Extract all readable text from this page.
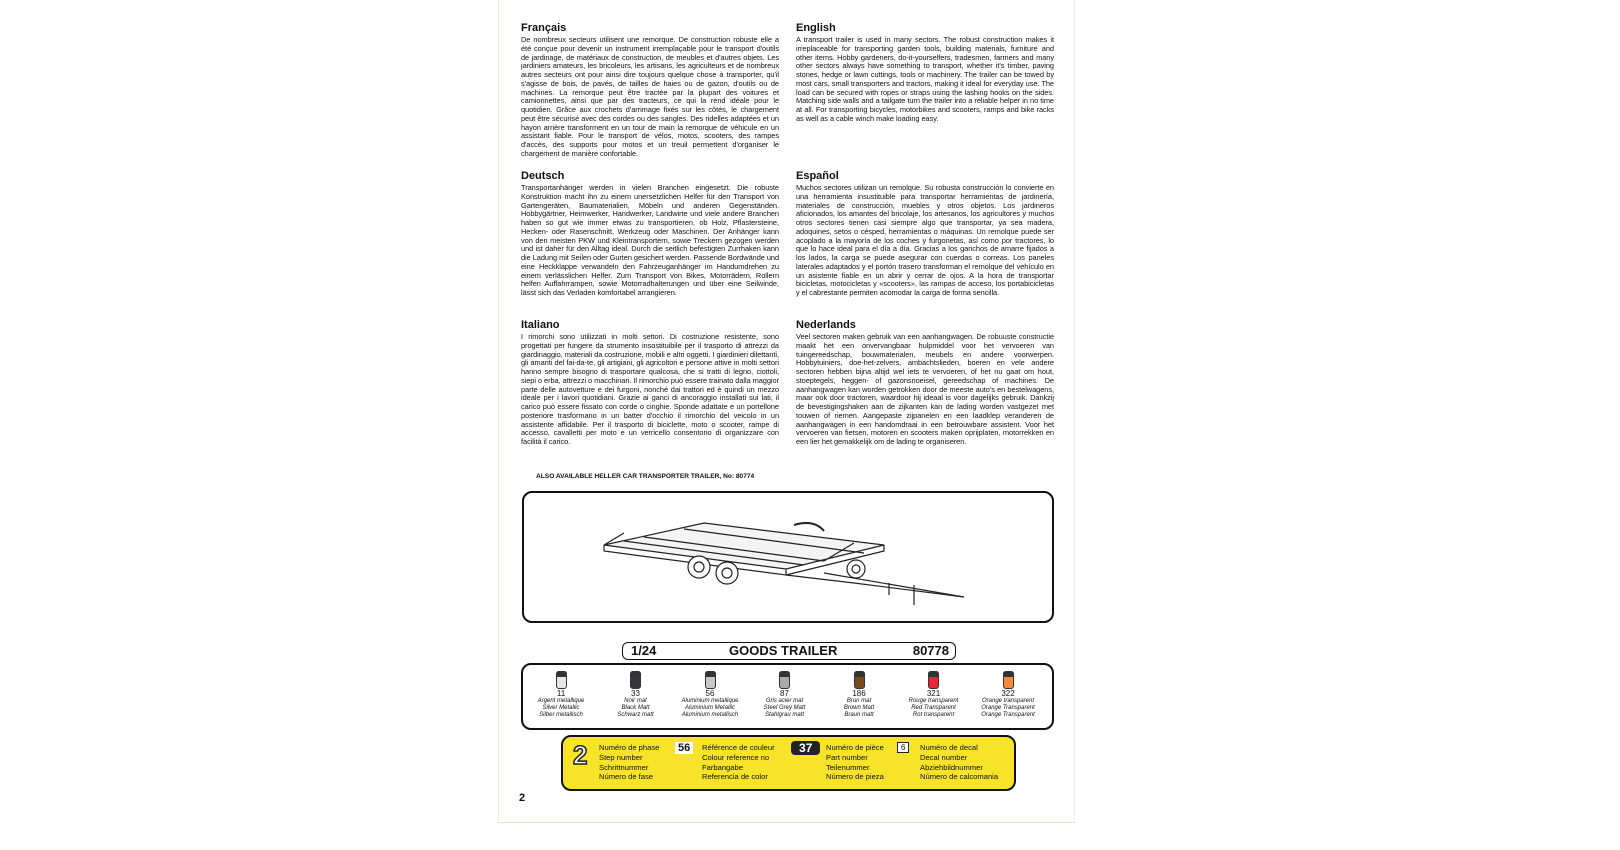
Français

De nombreux secteurs utilisent une remorque. De construction robuste elle a été conçue pour devenir un instrument irremplaçable pour le transport d'outils de jardinage, de matériaux de construction, de meubles et d'autres objets. Les jardiniers amateurs, les bricoleurs, les artisans, les agriculteurs et de nombreux autres secteurs ont pour ainsi dire toujours quelque chose à transporter, qu'il s'agisse de bois, de pavés, de tailles de haies ou de gazon, d'outils ou de machines. La remorque peut être tractée par la plupart des voitures et camionnettes, ainsi que par des tracteurs, ce qui la rend idéale pour le quotidien. Grâce aux crochets d'arrimage fixés sur les côtés, le chargement peut être sécurisé avec des cordes ou des sangles. Des ridelles adaptées et un hayon arrière transforment en un tour de main la remorque de véhicule en un assistant fiable. Pour le transport de vélos, motos, scooters, des rampes d'accès, des supports pour motos et un treuil permettent d'organiser le chargement de manière confortable.

English

A transport trailer is used in many sectors. The robust construction makes it irreplaceable for transporting garden tools, building materials, furniture and other items. Hobby gardeners, do-it-yourselfers, tradesmen, farmers and many other sectors always have something to transport, whether it's timber, paving stones, hedge or lawn cuttings, tools or machinery. The trailer can be towed by most cars, small transporters and tractors, making it ideal for everyday use. The load can be secured with ropes or straps using the lashing hooks on the sides. Matching side walls and a tailgate turn the trailer into a reliable helper in no time at all. For transporting bicycles, motorbikes and scooters, ramps and bike racks as well as a cable winch make loading easy.

Deutsch

Transportanhänger werden in vielen Branchen eingesetzt. Die robuste Konstruktion macht ihn zu einem unersetzlichen Helfer für den Transport von Gartengeräten, Baumaterialien, Möbeln und anderen Gegenständen. Hobbygärtner, Heimwerker, Handwerker, Landwirte und viele andere Branchen haben so gut wie immer etwas zu transportieren, ob Holz, Pflastersteine, Hecken- oder Rasenschnitt, Werkzeug oder Maschinen. Der Anhänger kann von den meisten PKW und Kleintransportern, sowie Treckern gezogen werden und ist daher für den Alltag ideal. Durch die seitlich befestigten Zurrhaken kann die Ladung mit Seilen oder Gurten gesichert werden. Passende Bordwände und eine Heckklappe verwandeln den Fahrzeuganhänger im Handumdrehen zu einem verlässlichen Helfer. Zum Transport von Bikes, Motorrädern, Rollern helfen Auffahrrampen, sowie Motorradhalterungen und über eine Seilwinde, lässt sich das Verladen komfortabel arrangieren.

Español

Muchos sectores utilizan un remolque. Su robusta construcción lo convierte en una herramienta insustituible para transportar herramientas de jardinería, materiales de construcción, muebles y otros objetos. Los jardineros aficionados, los amantes del bricolaje, los artesanos, los agricultores y muchos otros sectores tienen casi siempre algo que transportar, ya sea madera, adoquines, setos o césped, herramientas o máquinas. Un remolque puede ser acoplado a la mayoría de los coches y furgonetas, así como por tractores, lo que lo hace ideal para el día a día. Gracias a los ganchos de amarre fijados a los lados, la carga se puede asegurar con cuerdas o correas. Los paneles laterales adaptados y el portón trasero transforman el remolque del vehículo en un asistente fiable en un abrir y cerrar de ojos. A la hora de transportar bicicletas, motocicletas y «scooters», las rampas de acceso, los portabicicletas y el cabrestante permiten acomodar la carga de forma sencilla.

Italiano

I rimorchi sono utilizzati in molti settori. Di costruzione resistente, sono progettati per fungere da strumento insostituibile per il trasporto di attrezzi da giardinaggio, materiali da costruzione, mobili e altri oggetti. I giardinieri dilettanti, gli amanti del fai-da-te, gli artigiani, gli agricoltori e persone attive in molti settori hanno sempre bisogno di trasportare qualcosa, che si tratti di legno, ciottoli, siepi o erba, attrezzi o macchinari. Il rimorchio può essere trainato dalla maggior parte delle autovetture e dei furgoni, nonché dai trattori ed è quindi un mezzo ideale per i lavori quotidiani. Grazie ai ganci di ancoraggio installati sui lati, il carico può essere fissato con corde o cinghie. Sponde adattate e un portellone posteriore trasformano in un batter d'occhio il rimorchio del veicolo in un assistente affidabile. Per il trasporto di biciclette, moto o scooter, rampe di accesso, cavalletti per moto e un verricello consentono di organizzare con facilità il carico.

Nederlands

Veel sectoren maken gebruik van een aanhangwagen. De robuuste constructie maakt het een onvervangbaar hulpmiddel voor het vervoeren van tuingereedschap, bouwmaterialen, meubels en andere voorwerpen. Hobbytuiniers, doe-het-zelvers, ambachtslieden, boeren en vele andere sectoren hebben bijna altijd wel iets te vervoeren, of het nu gaat om hout, stoeptegels, heggen- of gazonsnoeisel, gereedschap of machines. De aanhangwagen kan worden getrokken door de meeste auto's en bestelwagens, maar ook door tractoren, waardoor hij ideaal is voor dagelijks gebruik. Dankzij de bevestigingshaken aan de zijkanten kan de lading worden vastgezet met touwen of riemen. Aangepaste zijpanelen en een laadklep veranderen de aanhangwagen in een handomdraai in een betrouwbare assistent. Voor het vervoeren van fietsen, motoren en scooters maken oprijplaten, motorrekken en een lier het gemakkelijk om de lading te organiseren.

ALSO AVAILABLE HELLER CAR TRANSPORTER TRAILER, No: 80774
1/24	GOODS TRAILER	80778
11
Argent metallique
Silver Metallic
Silber metallisch
33
Noir mat
Black Matt
Schwarz matt
56
Aluminium metallique
Aluminium Metallic
Aluminium metallisch
87
Gris acier mat
Steel Grey Matt
Stahlgrau matt
186
Brun mat
Brown Matt
Braun matt
321
Rouge transparent
Red Transparent
Rot transparent
322
Orange transparent
Orange Transparent
Orange Transparent
2 Numéro de phase
Step number
Schrittnummer
Número de fase
56	Référence de couleur
Colour reference no
Farbangabe
Referencia de color
37	Numéro de pièce
Part number
Teilenummer
Número de pieza
6	Numéro de decal
Decal number
Abziehbildnummer
Número de calcomania
2
